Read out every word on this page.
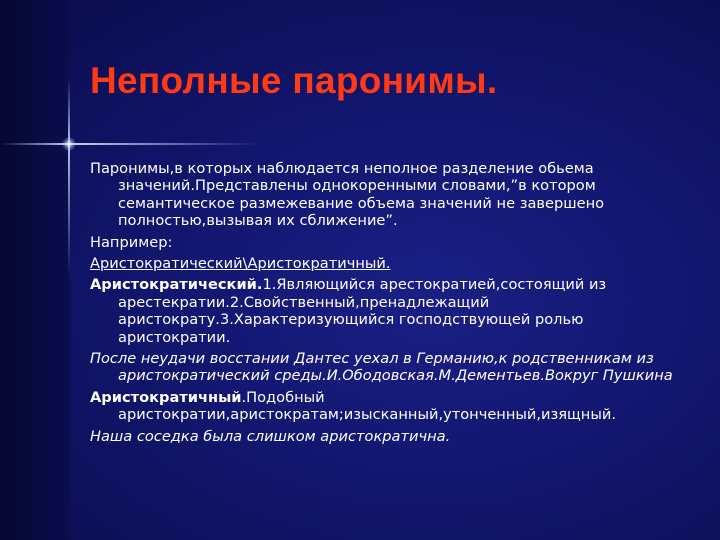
Неполные паронимы.

Паронимы,в которых наблюдается неполное разделение обьема значений.Представлены однокоренными словами,”в котором семантическое размежевание объема значений не завершено полностью,вызывая их сближение”.

Например:

Аристократический\Аристократичный.

Аристократический.1.Являющийся арестократией,состоящий из арестекратии.2.Свойственный,пренадлежащий аристократу.3.Характеризующийся господствующей ролью аристократии.

После неудачи восстании Дантес уехал в Германию,к родственникам из аристократический среды.И.Ободовская.М.Дементьев.Вокруг Пушкина

Аристократичный.Подобный аристократии,аристократам;изысканный,утонченный,изящный.

Наша соседка была слишком аристократична.
